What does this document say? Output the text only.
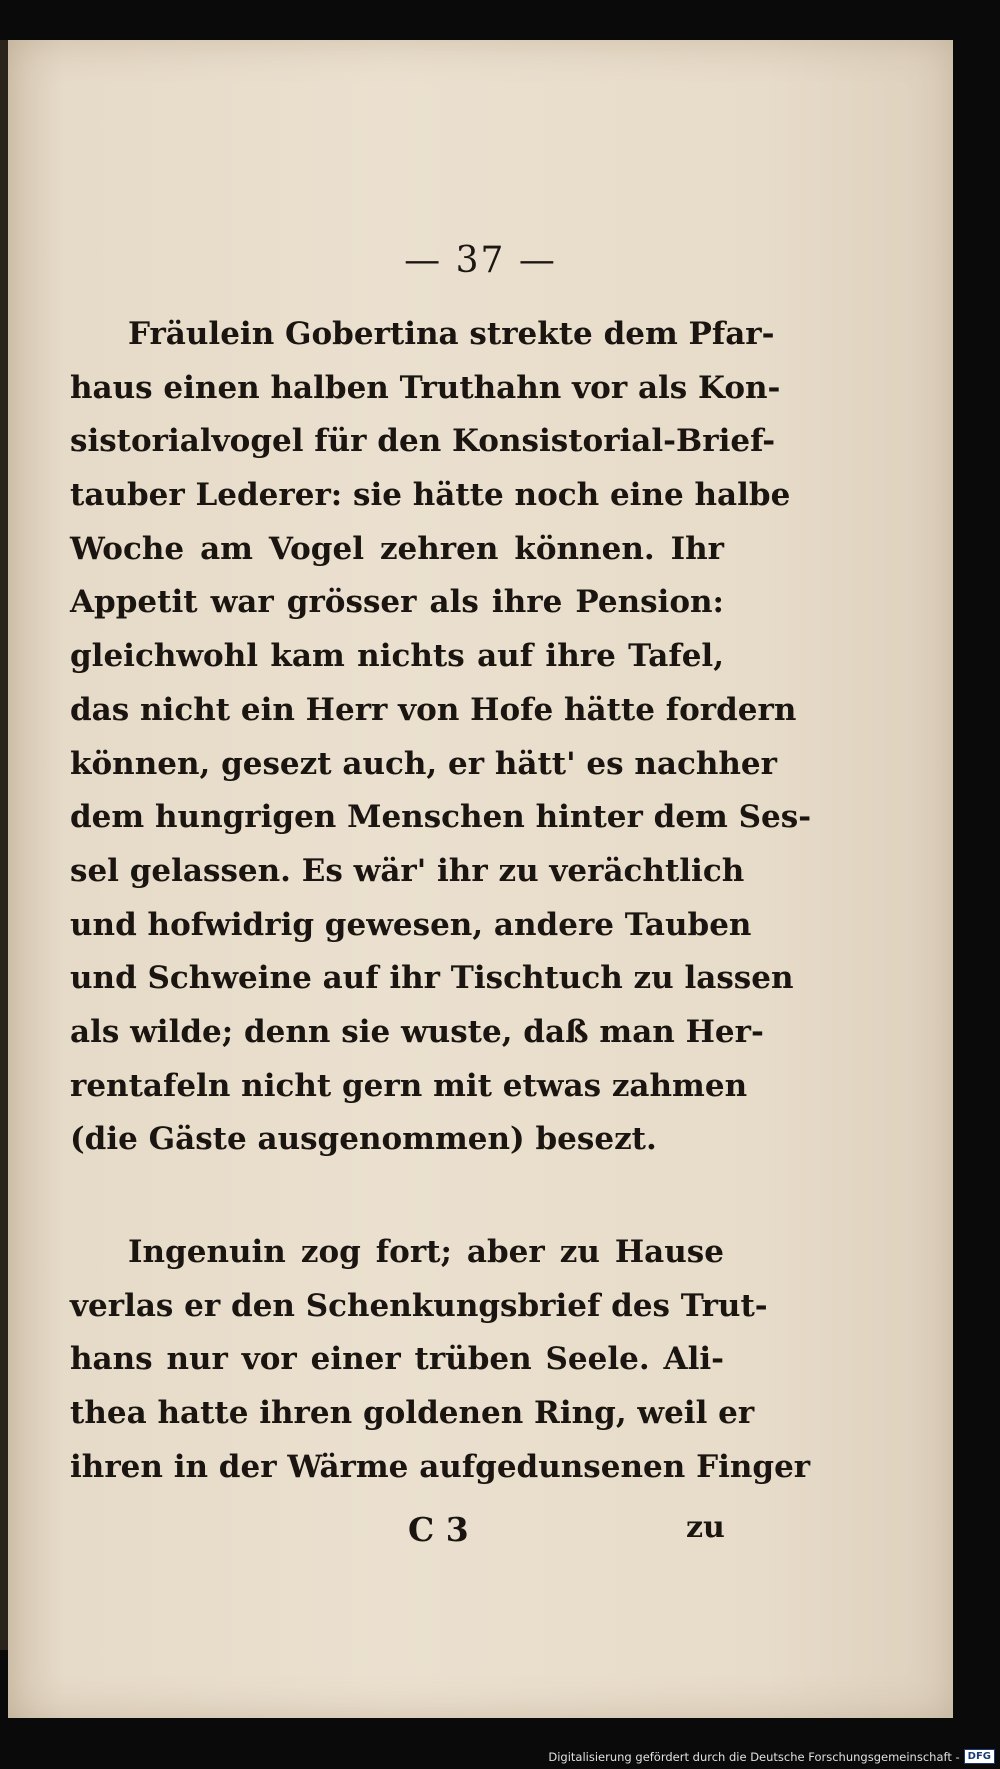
— 37 —
Fräulein Gobertina strekte dem Pfar-
haus einen halben Truthahn vor als Kon-
sistorialvogel für den Konsistorial-Brief-
tauber Lederer: sie hätte noch eine halbe
Woche am Vogel zehren können. Ihr
Appetit war grösser als ihre Pension:
gleichwohl kam nichts auf ihre Tafel,
das nicht ein Herr von Hofe hätte fordern
können, gesezt auch, er hätt' es nachher
dem hungrigen Menschen hinter dem Ses-
sel gelassen. Es wär' ihr zu verächtlich
und hofwidrig gewesen, andere Tauben
und Schweine auf ihr Tischtuch zu lassen
als wilde; denn sie wuste, daß man Her-
rentafeln nicht gern mit etwas zahmen
(die Gäste ausgenommen) besezt.
Ingenuin zog fort; aber zu Hause
verlas er den Schenkungsbrief des Trut-
hans nur vor einer trüben Seele. Ali-
thea hatte ihren goldenen Ring, weil er
ihren in der Wärme aufgedunsenen Finger
C 3	zu
Digitalisierung gefördert durch die Deutsche Forschungsgemeinschaft - DFG
